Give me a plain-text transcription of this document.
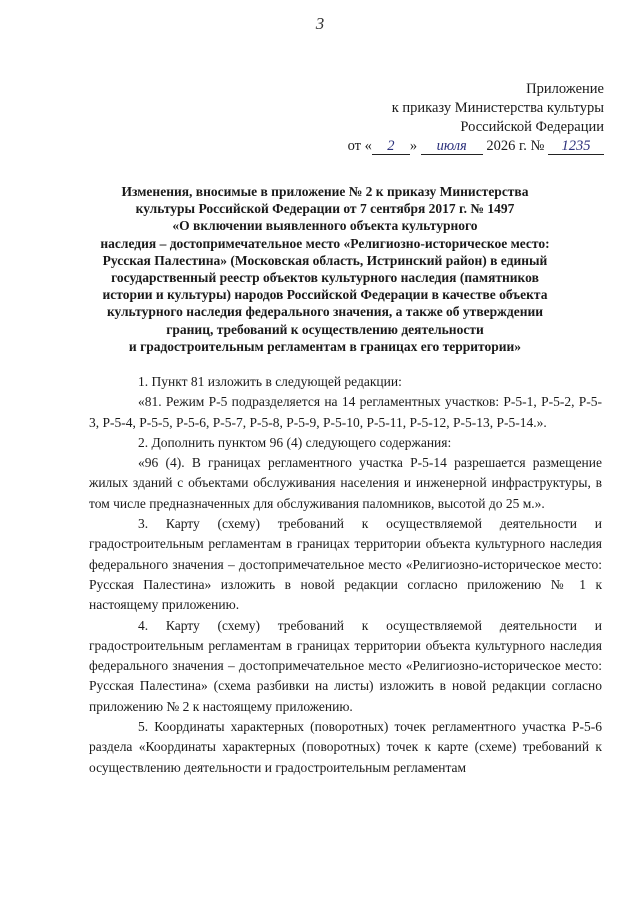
3
Приложение
к приказу Министерства культуры
Российской Федерации
от « 2 » июля 2026 г. № 1235
Изменения, вносимые в приложение № 2 к приказу Министерства
культуры Российской Федерации от 7 сентября 2017 г. № 1497
«О включении выявленного объекта культурного
наследия – достопримечательное место «Религиозно-историческое место:
Русская Палестина» (Московская область, Истринский район) в единый
государственный реестр объектов культурного наследия (памятников
истории и культуры) народов Российской Федерации в качестве объекта
культурного наследия федерального значения, а также об утверждении
границ, требований к осуществлению деятельности
и градостроительным регламентам в границах его территории»

1. Пункт 81 изложить в следующей редакции:

«81. Режим Р-5 подразделяется на 14 регламентных участков: Р-5-1, Р-5-2, Р-5-3, Р-5-4, Р-5-5, Р-5-6, Р-5-7, Р-5-8, Р-5-9, Р-5-10, Р-5-11, Р-5-12, Р-5-13, Р-5-14.».

2. Дополнить пунктом 96 (4) следующего содержания:

«96 (4). В границах регламентного участка Р-5-14 разрешается размещение жилых зданий с объектами обслуживания населения и инженерной инфраструктуры, в том числе предназначенных для обслуживания паломников, высотой до 25 м.».

3. Карту (схему) требований к осуществляемой деятельности и градостроительным регламентам в границах территории объекта культурного наследия федерального значения – достопримечательное место «Религиозно-историческое место: Русская Палестина» изложить в новой редакции согласно приложению № 1 к настоящему приложению.

4. Карту (схему) требований к осуществляемой деятельности и градостроительным регламентам в границах территории объекта культурного наследия федерального значения – достопримечательное место «Религиозно-историческое место: Русская Палестина» (схема разбивки на листы) изложить в новой редакции согласно приложению № 2 к настоящему приложению.

5. Координаты характерных (поворотных) точек регламентного участка Р-5-6 раздела «Координаты характерных (поворотных) точек к карте (схеме) требований к осуществлению деятельности и градостроительным регламентам
